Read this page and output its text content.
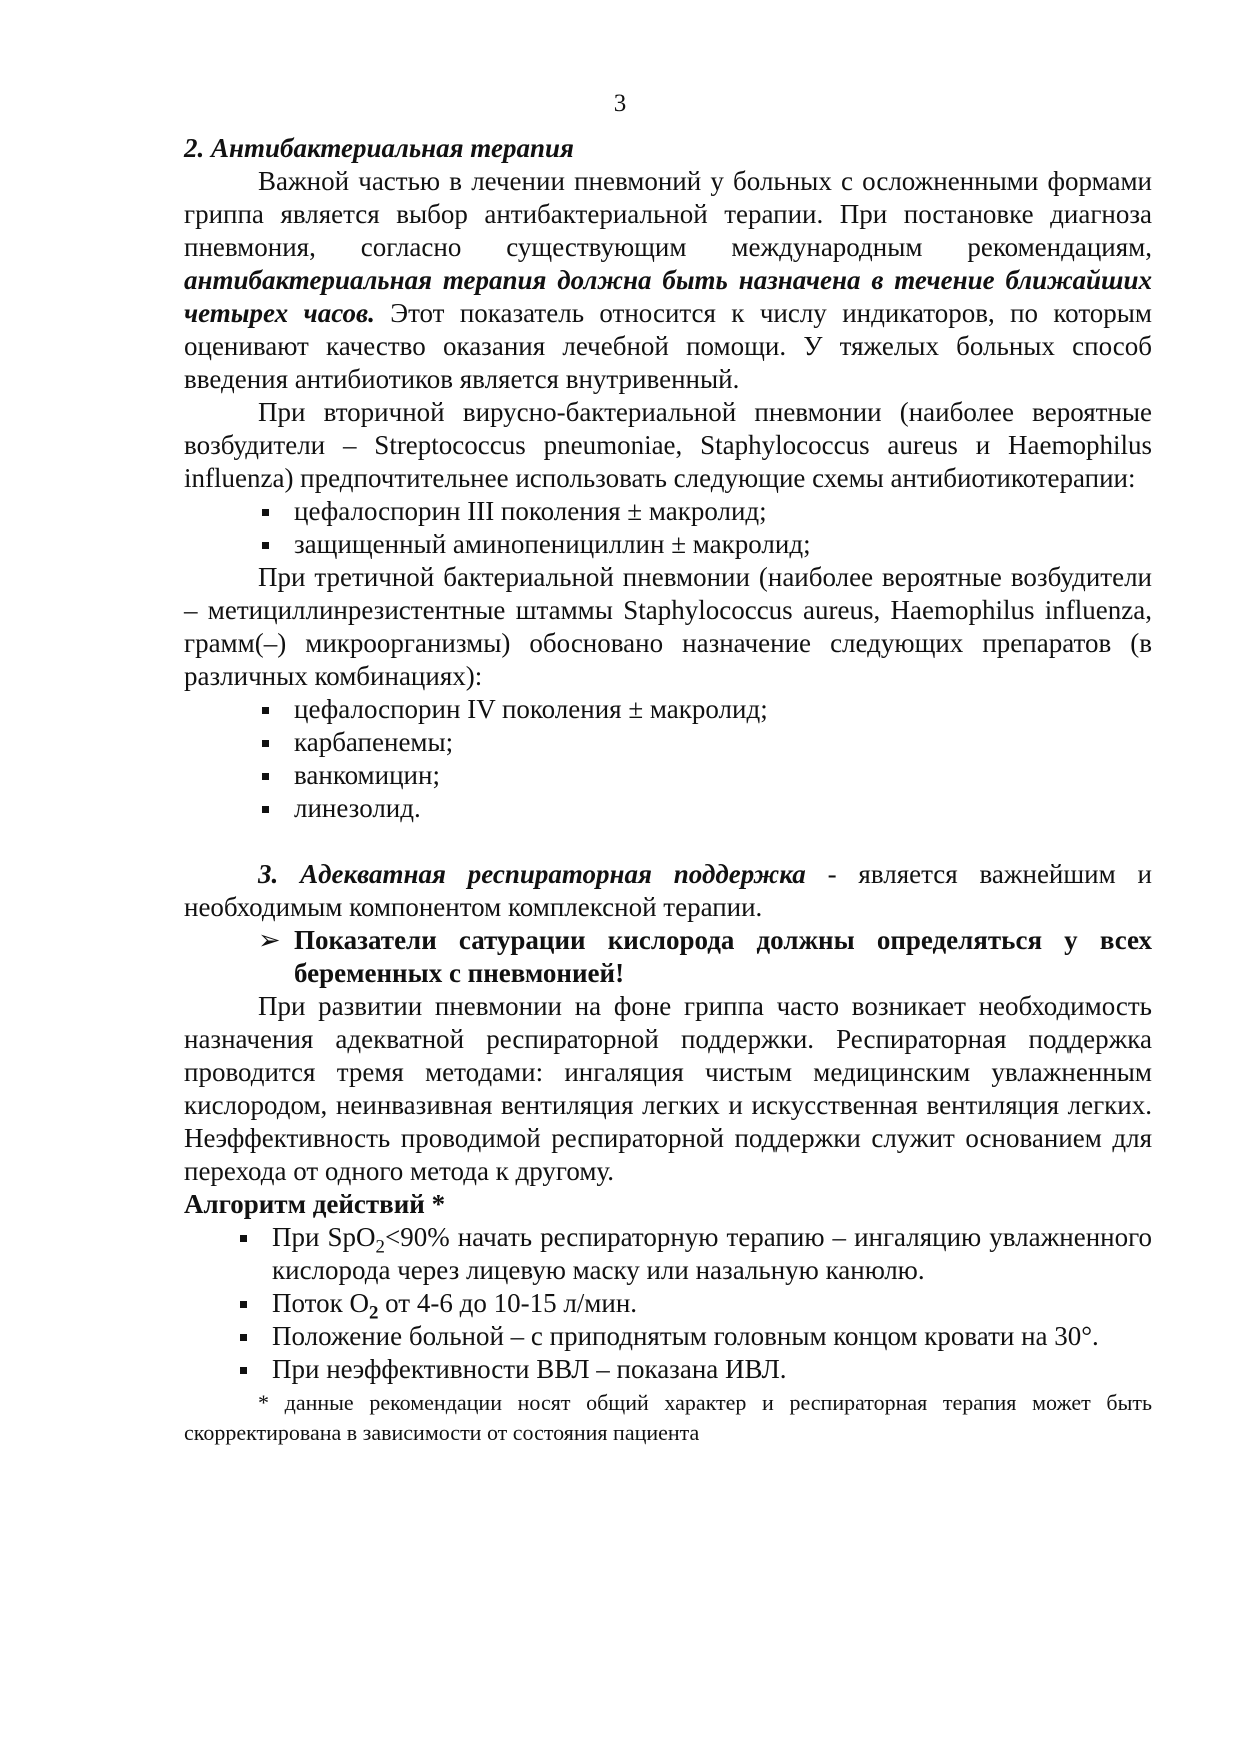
3

2. Антибактериальная терапия

Важной частью в лечении пневмоний у больных с осложненными формами гриппа является выбор антибактериальной терапии. При постановке диагноза пневмония, согласно существующим международным рекомендациям, антибактериальная терапия должна быть назначена в течение ближайших четырех часов. Этот показатель относится к числу индикаторов, по которым оценивают качество оказания лечебной помощи. У тяжелых больных способ введения антибиотиков является внутривенный.

При вторичной вирусно-бактериальной пневмонии (наиболее вероятные возбудители – Streptococcus pneumoniae, Staphylococcus aureus и Haemophilus influenza) предпочтительнее использовать следующие схемы антибиотикотерапии:

цефалоспорин III поколения ± макролид;
защищенный аминопенициллин ± макролид;

При третичной бактериальной пневмонии (наиболее вероятные возбудители – метициллинрезистентные штаммы Staphylococcus aureus, Haemophilus influenza, грамм(–) микроорганизмы) обосновано назначение следующих препаратов (в различных комбинациях):

цефалоспорин IV поколения ± макролид;
карбапенемы;
ванкомицин;
линезолид.

3. Адекватная респираторная поддержка - является важнейшим и необходимым компонентом комплексной терапии.

➢ Показатели сатурации кислорода должны определяться у всех беременных с пневмонией!

При развитии пневмонии на фоне гриппа часто возникает необходимость назначения адекватной респираторной поддержки. Респираторная поддержка проводится тремя методами: ингаляция чистым медицинским увлажненным кислородом, неинвазивная вентиляция легких и искусственная вентиляция легких. Неэффективность проводимой респираторной поддержки служит основанием для перехода от одного метода к другому.

Алгоритм действий *

При SpO$_2$<90% начать респираторную терапию – ингаляцию увлажненного кислорода через лицевую маску или назальную канюлю.
Поток $O_2$ от 4-6 до 10-15 л/мин.
Положение больной – с приподнятым головным концом кровати на 30°.
При неэффективности ВВЛ – показана ИВЛ.

* данные рекомендации носят общий характер и респираторная терапия может быть скорректирована в зависимости от состояния пациента
